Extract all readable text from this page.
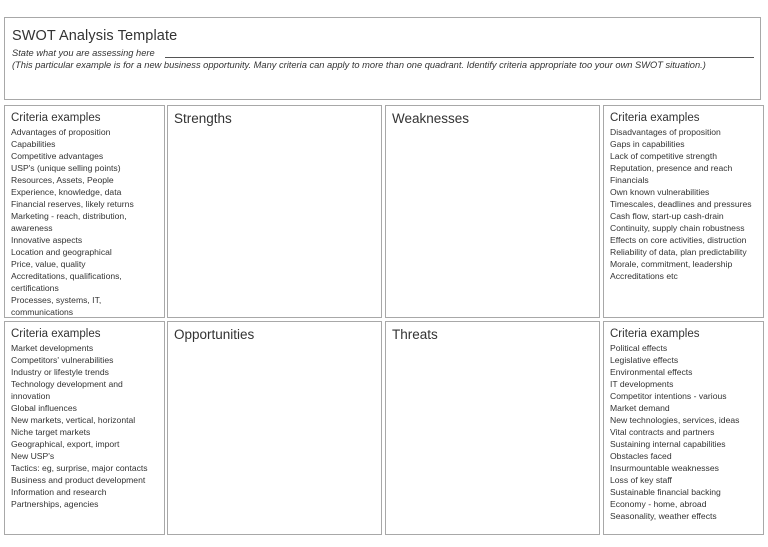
SWOT Analysis Template
State what you are assessing here
(This particular example is for a new business opportunity. Many criteria can apply to more than one quadrant. Identify criteria appropriate too your own SWOT situation.)
Criteria examples
Advantages of proposition
Capabilities
Competitive advantages
USP's (unique selling points)
Resources, Assets, People
Experience, knowledge, data
Financial reserves, likely returns
Marketing - reach, distribution, awareness
Innovative aspects
Location and geographical
Price, value, quality
Accreditations, qualifications, certifications
Processes, systems, IT, communications
Strengths	Weaknesses	Criteria examples
Disadvantages of proposition
Gaps in capabilities
Lack of competitive strength
Reputation, presence and reach
Financials
Own known vulnerabilities
Timescales, deadlines and pressures
Cash flow, start-up cash-drain
Continuity, supply chain robustness
Effects on core activities, distruction
Reliability of data, plan predictability
Morale, commitment, leadership
Accreditations etc
Criteria examples
Market developments
Competitors' vulnerabilities
Industry or lifestyle trends
Technology development and innovation
Global influences
New markets, vertical, horizontal
Niche target markets
Geographical, export, import
New USP's
Tactics: eg, surprise, major contacts
Business and product development
Information and research
Partnerships, agencies
Opportunities	Threats	Criteria examples
Political effects
Legislative effects
Environmental effects
IT developments
Competitor intentions - various
Market demand
New technologies, services, ideas
Vital contracts and partners
Sustaining internal capabilities
Obstacles faced
Insurmountable weaknesses
Loss of key staff
Sustainable financial backing
Economy - home, abroad
Seasonality, weather effects
